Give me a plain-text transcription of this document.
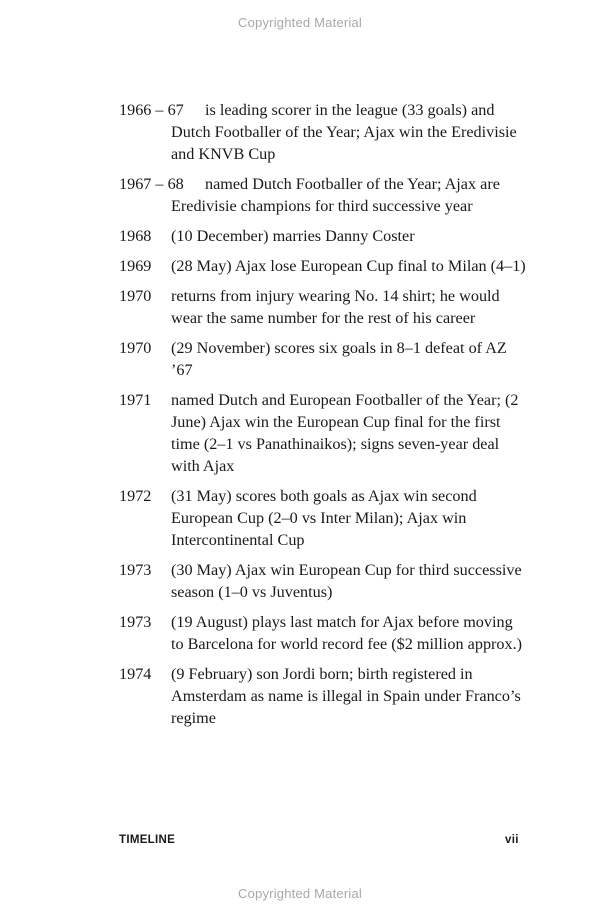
Copyrighted Material
1966 – 67	is leading scorer in the league (33 goals) and Dutch Footballer of the Year; Ajax win the Eredivisie and KNVB Cup
1967 – 68	named Dutch Footballer of the Year; Ajax are Eredivisie champions for third successive year
1968	(10 December) marries Danny Coster
1969	(28 May) Ajax lose European Cup final to Milan (4–1)
1970	returns from injury wearing No. 14 shirt; he would wear the same number for the rest of his career
1970	(29 November) scores six goals in 8–1 defeat of AZ ’67
1971	named Dutch and European Footballer of the Year; (2 June) Ajax win the European Cup final for the first time (2–1 vs Panathinaikos); signs seven-year deal with Ajax
1972	(31 May) scores both goals as Ajax win second European Cup (2–0 vs Inter Milan); Ajax win Intercontinental Cup
1973	(30 May) Ajax win European Cup for third successive season (1–0 vs Juventus)
1973	(19 August) plays last match for Ajax before moving to Barcelona for world record fee ($2 million approx.)
1974	(9 February) son Jordi born; birth registered in Amsterdam as name is illegal in Spain under Franco’s regime
TIMELINE	vii
Copyrighted Material
